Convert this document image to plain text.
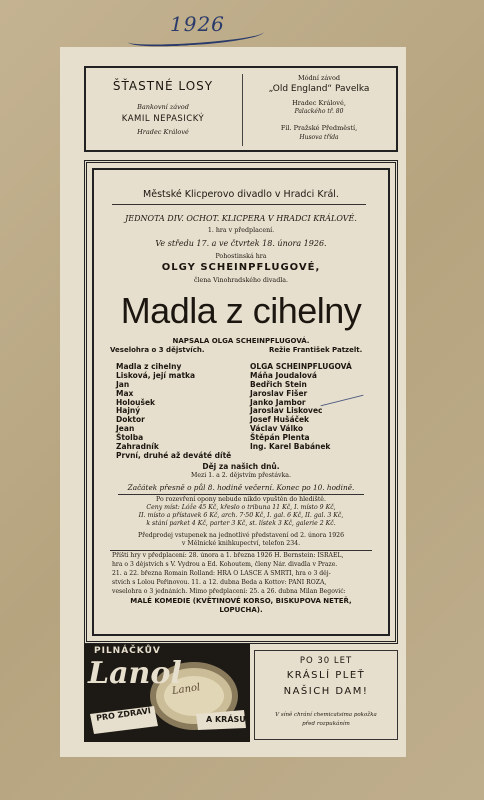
1926
ŠŤASTNÉ LOSY
Bankovní závod
KAMIL NEPASICKÝ
Hradec Králové
Módní závod
„Old England“ Pavelka
Hradec Králové,
Palackého tř. 80
Fil. Pražské Předměstí,
Husova třída
Městské Klicperovo divadlo v Hradci Král.
JEDNOTA DIV. OCHOT. KLICPERA V HRADCI KRÁLOVÉ.
1. hra v předplacení.
Ve středu 17. a ve čtvrtek 18. února 1926.
Pohostinská hra
OLGY SCHEINPFLUGOVÉ,
členа Vinohradského divadla.
Madla z cihelny
NAPSALA OLGA SCHEINPFLUGOVÁ.
Veselohra o 3 dějstvích.	Režie František Patzelt.
Madla z cihelny
Lisková, její matka
Jan
Max
Holoušek
Hajný
Doktor
Jean
Štolba
Zahradník
První, druhé až deváté dítě
OLGA SCHEINPFLUGOVÁ
Máňa Joudalová
Bedřich Stein
Jaroslav Fišer
Janko Jambor
Jaroslav Liskovec
Josef Hušáček
Václav Válko
Štěpán Plenta
Ing. Karel Babánek
Děj za našich dnů.
Mezi 1. a 2. dějstvím přestávka.
Začátek přesně o půl 8. hodině večerní. Konec po 10. hodině.
Po rozevření opony nebude nikdo vpuštěn do hlediště.
Ceny míst: Lóže 45 Kč, křeslo o tribuna 11 Kč, I. místo 9 Kč,
II. místo a přístavek 6 Kč, arch. 7·50 Kč, I. gal. 6 Kč, II. gal. 3 Kč,
k stání parket 4 Kč, parter 3 Kč, st. lístek 3 Kč, galerie 2 Kč.
Předprodej vstupenek na jednotlivé představení od 2. února 1926
v Mělnické knihkupectví, telefon 234.
Příští hry v předplacení: 28. února a 1. března 1926 H. Bernstein: ISRAEL,
hra o 3 dějstvích s V. Vydrou a Ed. Kohoutem, členy Nár. divadla v Praze.
21. a 22. března Romain Rolland: HRA O LÁSCE A SMRTI, hra o 3 děj-
stvích s Lolou Peřinovou. 11. a 12. dubna Beda a Kottov: PANÍ ROZA,
veselohra o 3 jednáních. Mimo předplacení: 25. a 26. dubna Milan Begović:
MALÉ KOMEDIE (KVĚTINOVÉ KORSO, BISKUPOVA NETEŘ,
LOPUCHA).
PILNÁČKŮV
Lanol
Lanol
PRO ZDRAVÍ	A KRÁSU
PO 30 LET
KRÁSLÍ PLEŤ
NAŠICH DAM!
V síně chrání chemicatsima pokožka
před rozpukáním
